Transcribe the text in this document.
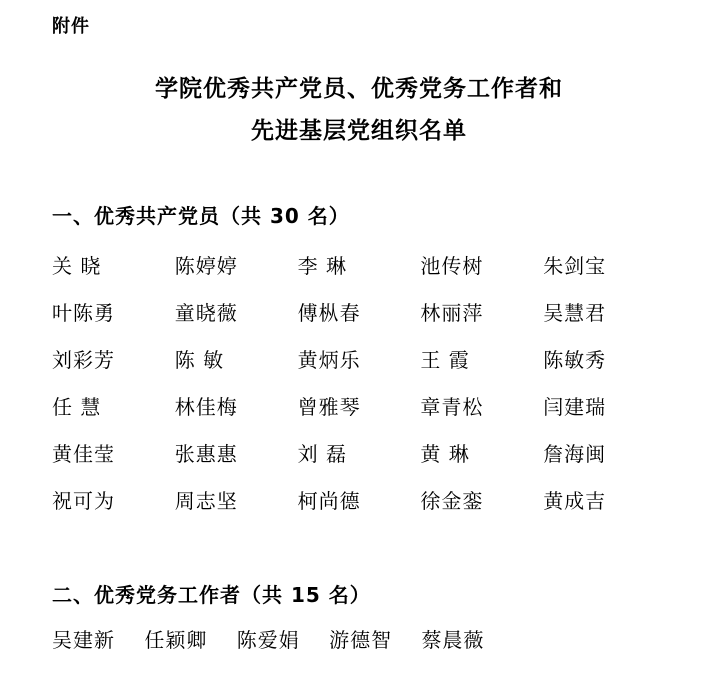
附件
学院优秀共产党员、优秀党务工作者和
先进基层党组织名单
一、优秀共产党员（共 30 名）
关 晓	陈婷婷	李 琳	池传树	朱剑宝
叶陈勇	童晓薇	傅枞春	林丽萍	吴慧君
刘彩芳	陈 敏	黄炳乐	王 霞	陈敏秀
任 慧	林佳梅	曾雅琴	章青松	闫建瑞
黄佳莹	张惠惠	刘 磊	黄 琳	詹海闽
祝可为	周志坚	柯尚德	徐金銮	黄成吉
二、优秀党务工作者（共 15 名）
吴建新 任颖卿 陈爱娟 游德智 蔡晨薇
